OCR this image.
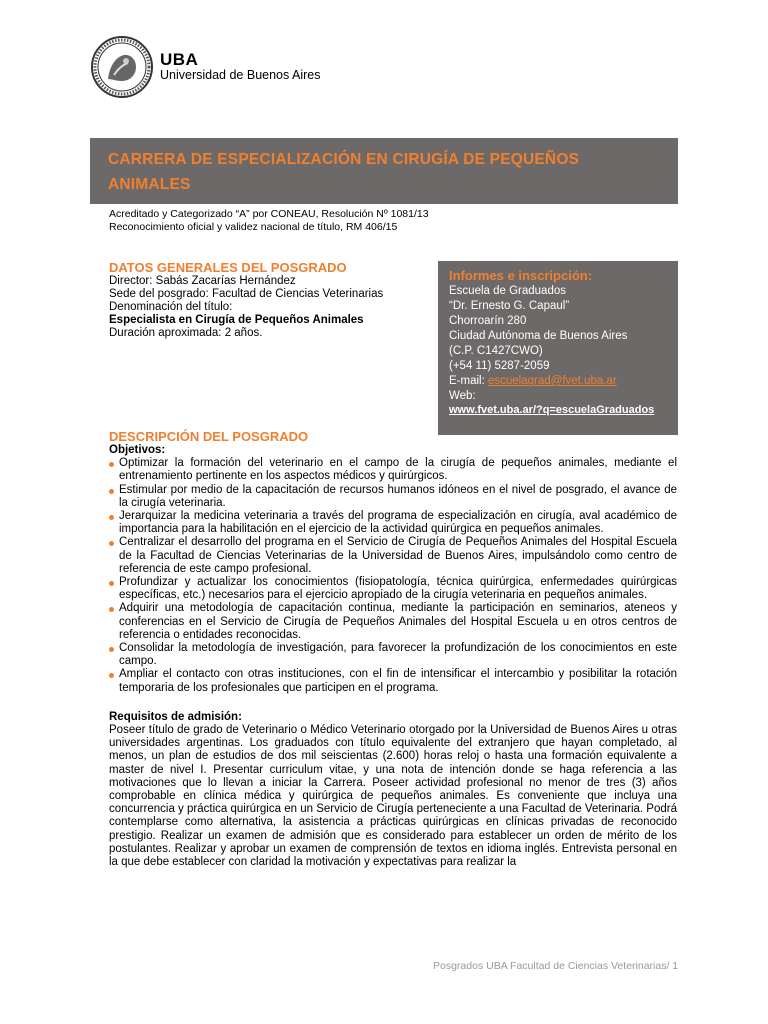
UBA
Universidad de Buenos Aires
CARRERA DE ESPECIALIZACIÓN EN CIRUGÍA DE PEQUEÑOS
ANIMALES
Acreditado y Categorizado “A” por CONEAU, Resolución Nº 1081/13
Reconocimiento oficial y validez nacional de título, RM 406/15
DATOS GENERALES DEL POSGRADO
Director: Sabás Zacarías Hernández
Sede del posgrado: Facultad de Ciencias Veterinarias
Denominación del título:
Especialista en Cirugía de Pequeños Animales
Duración aproximada: 2 años.
Informes e inscripción:
Escuela de Graduados
“Dr. Ernesto G. Capaul”
Chorroarín 280
Ciudad Autónoma de Buenos Aires
(C.P. C1427CWO)
(+54 11) 5287-2059
E-mail: escuelagrad@fvet.uba.ar
Web:
www.fvet.uba.ar/?q=escuelaGraduados
DESCRIPCIÓN DEL POSGRADO
Objetivos:
Optimizar la formación del veterinario en el campo de la cirugía de pequeños animales, mediante el entrenamiento pertinente en los aspectos médicos y quirúrgicos.
Estimular por medio de la capacitación de recursos humanos idóneos en el nivel de posgrado, el avance de la cirugía veterinaria.
Jerarquizar la medicina veterinaria a través del programa de especialización en cirugía, aval académico de importancia para la habilitación en el ejercicio de la actividad quirúrgica en pequeños animales.
Centralizar el desarrollo del programa en el Servicio de Cirugía de Pequeños Animales del Hospital Escuela de la Facultad de Ciencias Veterinarias de la Universidad de Buenos Aires, impulsándolo como centro de referencia de este campo profesional.
Profundizar y actualizar los conocimientos (fisiopatología, técnica quirúrgica, enfermedades quirúrgicas específicas, etc.) necesarios para el ejercicio apropiado de la cirugía veterinaria en pequeños animales.
Adquirir una metodología de capacitación continua, mediante la participación en seminarios, ateneos y conferencias en el Servicio de Cirugía de Pequeños Animales del Hospital Escuela u en otros centros de referencia o entidades reconocidas.
Consolidar la metodología de investigación, para favorecer la profundización de los conocimientos en este campo.
Ampliar el contacto con otras instituciones, con el fin de intensificar el intercambio y posibilitar la rotación temporaria de los profesionales que participen en el programa.
Requisitos de admisión:
Poseer título de grado de Veterinario o Médico Veterinario otorgado por la Universidad de Buenos Aires u otras universidades argentinas. Los graduados con título equivalente del extranjero que hayan completado, al menos, un plan de estudios de dos mil seiscientas (2.600) horas reloj o hasta una formación equivalente a master de nivel I. Presentar curriculum vitae, y una nota de intención donde se haga referencia a las motivaciones que lo llevan a iniciar la Carrera. Poseer actividad profesional no menor de tres (3) años comprobable en clínica médica y quirúrgica de pequeños animales. Es conveniente que incluya una concurrencia y práctica quirúrgica en un Servicio de Cirugía perteneciente a una Facultad de Veterinaria. Podrá contemplarse como alternativa, la asistencia a prácticas quirúrgicas en clínicas privadas de reconocido prestigio. Realizar un examen de admisión que es considerado para establecer un orden de mérito de los postulantes. Realizar y aprobar un examen de comprensión de textos en idioma inglés. Entrevista personal en la que debe establecer con claridad la motivación y expectativas para realizar la
Posgrados UBA Facultad de Ciencias Veterinarias/ 1
